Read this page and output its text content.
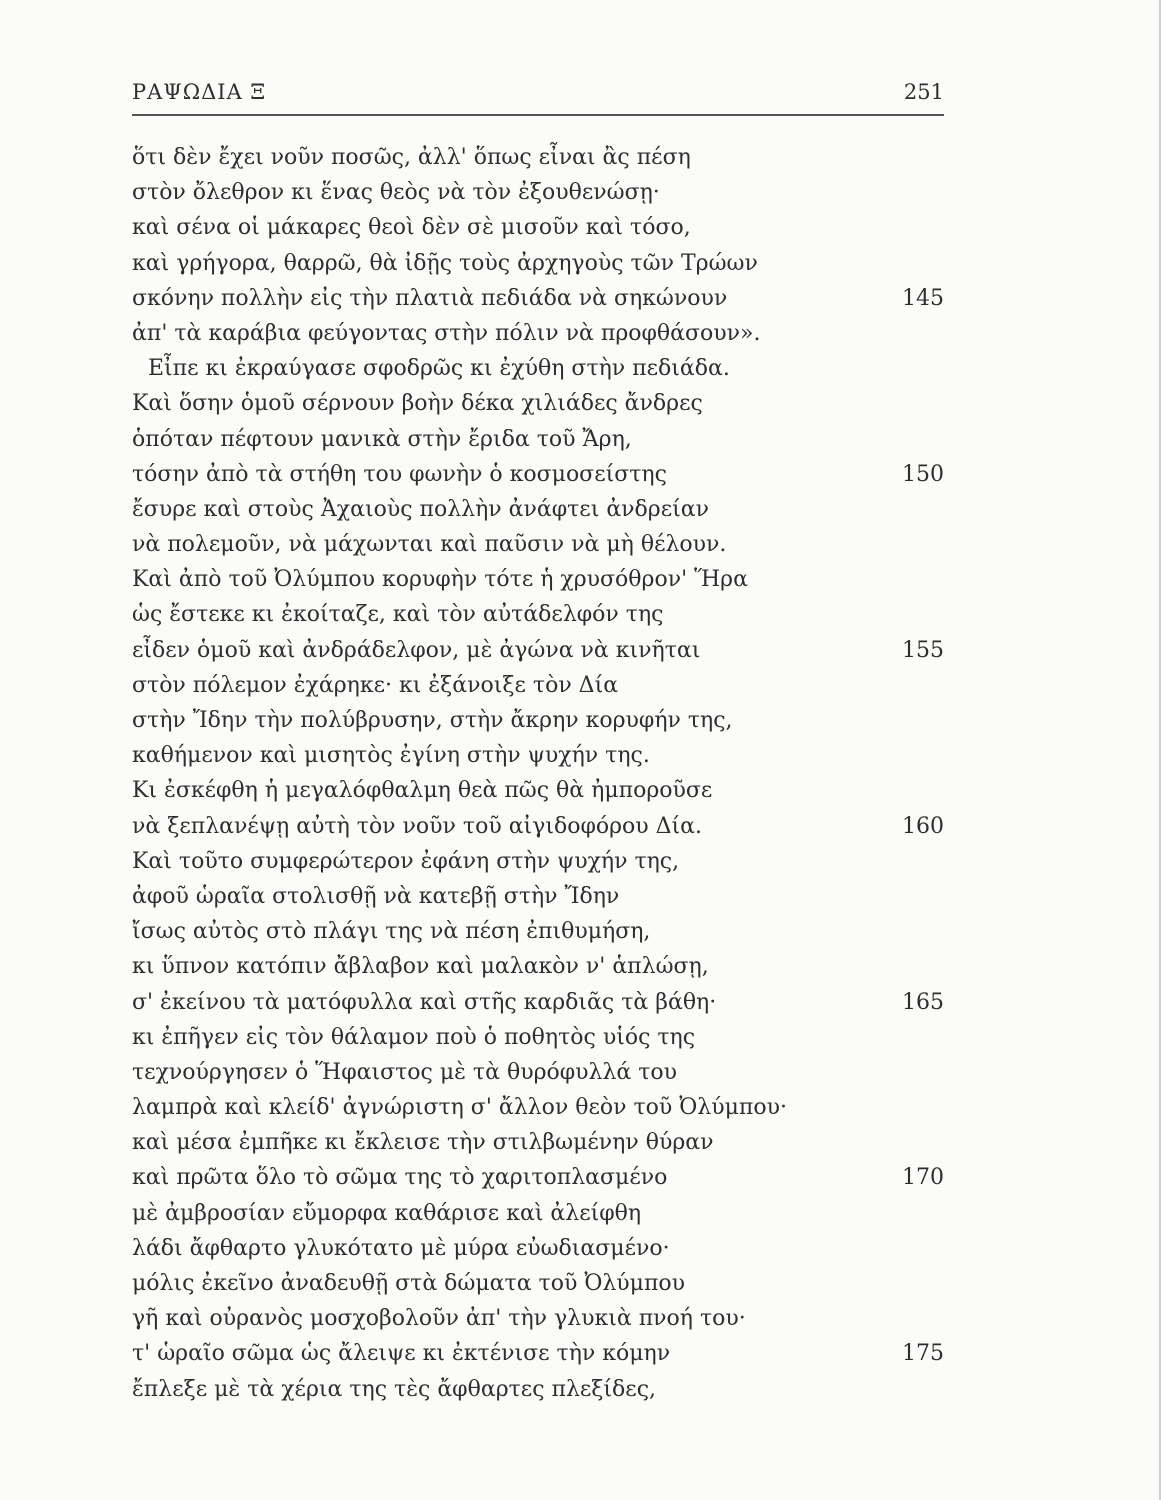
ΡΑΨΩΔΙΑ Ξ	251
ὅτι δὲν ἔχει νοῦν ποσῶς, ἀλλ' ὅπως εἶναι ἂς πέση
στὸν ὄλεθρον κι ἕνας θεὸς νὰ τὸν ἐξουθενώσῃ·
καὶ σένα οἱ μάκαρες θεοὶ δὲν σὲ μισοῦν καὶ τόσο,
καὶ γρήγορα, θαρρῶ, θὰ ἰδῇς τοὺς ἀρχηγοὺς τῶν Τρώων
σκόνην πολλὴν εἰς τὴν πλατιὰ πεδιάδα νὰ σηκώνουν	145
ἀπ' τὰ καράβια φεύγοντας στὴν πόλιν νὰ προφθάσουν».
Εἶπε κι ἐκραύγασε σφοδρῶς κι ἐχύθη στὴν πεδιάδα.
Καὶ ὅσην ὁμοῦ σέρνουν βοὴν δέκα χιλιάδες ἄνδρες
ὁπόταν πέφτουν μανικὰ στὴν ἔριδα τοῦ Ἄρη,
τόσην ἀπὸ τὰ στήθη του φωνὴν ὁ κοσμοσείστης	150
ἔσυρε καὶ στοὺς Ἀχαιοὺς πολλὴν ἀνάφτει ἀνδρείαν
νὰ πολεμοῦν, νὰ μάχωνται καὶ παῦσιν νὰ μὴ θέλουν.
Καὶ ἀπὸ τοῦ Ὀλύμπου κορυφὴν τότε ἡ χρυσόθρον' Ἥρα
ὡς ἔστεκε κι ἐκοίταζε, καὶ τὸν αὐτάδελφόν της
εἶδεν ὁμοῦ καὶ ἀνδράδελφον, μὲ ἀγώνα νὰ κινῆται	155
στὸν πόλεμον ἐχάρηκε· κι ἐξάνοιξε τὸν Δία
στὴν Ἴδην τὴν πολύβρυσην, στὴν ἄκρην κορυφήν της,
καθήμενον καὶ μισητὸς ἐγίνη στὴν ψυχήν της.
Κι ἐσκέφθη ἡ μεγαλόφθαλμη θεὰ πῶς θὰ ἠμποροῦσε
νὰ ξεπλανέψῃ αὐτὴ τὸν νοῦν τοῦ αἰγιδοφόρου Δία.	160
Καὶ τοῦτο συμφερώτερον ἐφάνη στὴν ψυχήν της,
ἀφοῦ ὡραῖα στολισθῇ νὰ κατεβῇ στὴν Ἴδην
ἴσως αὐτὸς στὸ πλάγι της νὰ πέση ἐπιθυμήση,
κι ὕπνον κατόπιν ἄβλαβον καὶ μαλακὸν ν' ἁπλώσῃ,
σ' ἐκείνου τὰ ματόφυλλα καὶ στῆς καρδιᾶς τὰ βάθη·	165
κι ἐπῆγεν εἰς τὸν θάλαμον ποὺ ὁ ποθητὸς υἱός της
τεχνούργησεν ὁ Ἥφαιστος μὲ τὰ θυρόφυλλά του
λαμπρὰ καὶ κλείδ' ἀγνώριστη σ' ἄλλον θεὸν τοῦ Ὀλύμπου·
καὶ μέσα ἐμπῆκε κι ἔκλεισε τὴν στιλβωμένην θύραν
καὶ πρῶτα ὅλο τὸ σῶμα της τὸ χαριτοπλασμένο	170
μὲ ἀμβροσίαν εὔμορφα καθάρισε καὶ ἀλείφθη
λάδι ἄφθαρτο γλυκότατο μὲ μύρα εὐωδιασμένο·
μόλις ἐκεῖνο ἀναδευθῇ στὰ δώματα τοῦ Ὀλύμπου
γῆ καὶ οὐρανὸς μοσχοβολοῦν ἀπ' τὴν γλυκιὰ πνοή του·
τ' ὡραῖο σῶμα ὡς ἄλειψε κι ἐκτένισε τὴν κόμην	175
ἔπλεξε μὲ τὰ χέρια της τὲς ἄφθαρτες πλεξίδες,
